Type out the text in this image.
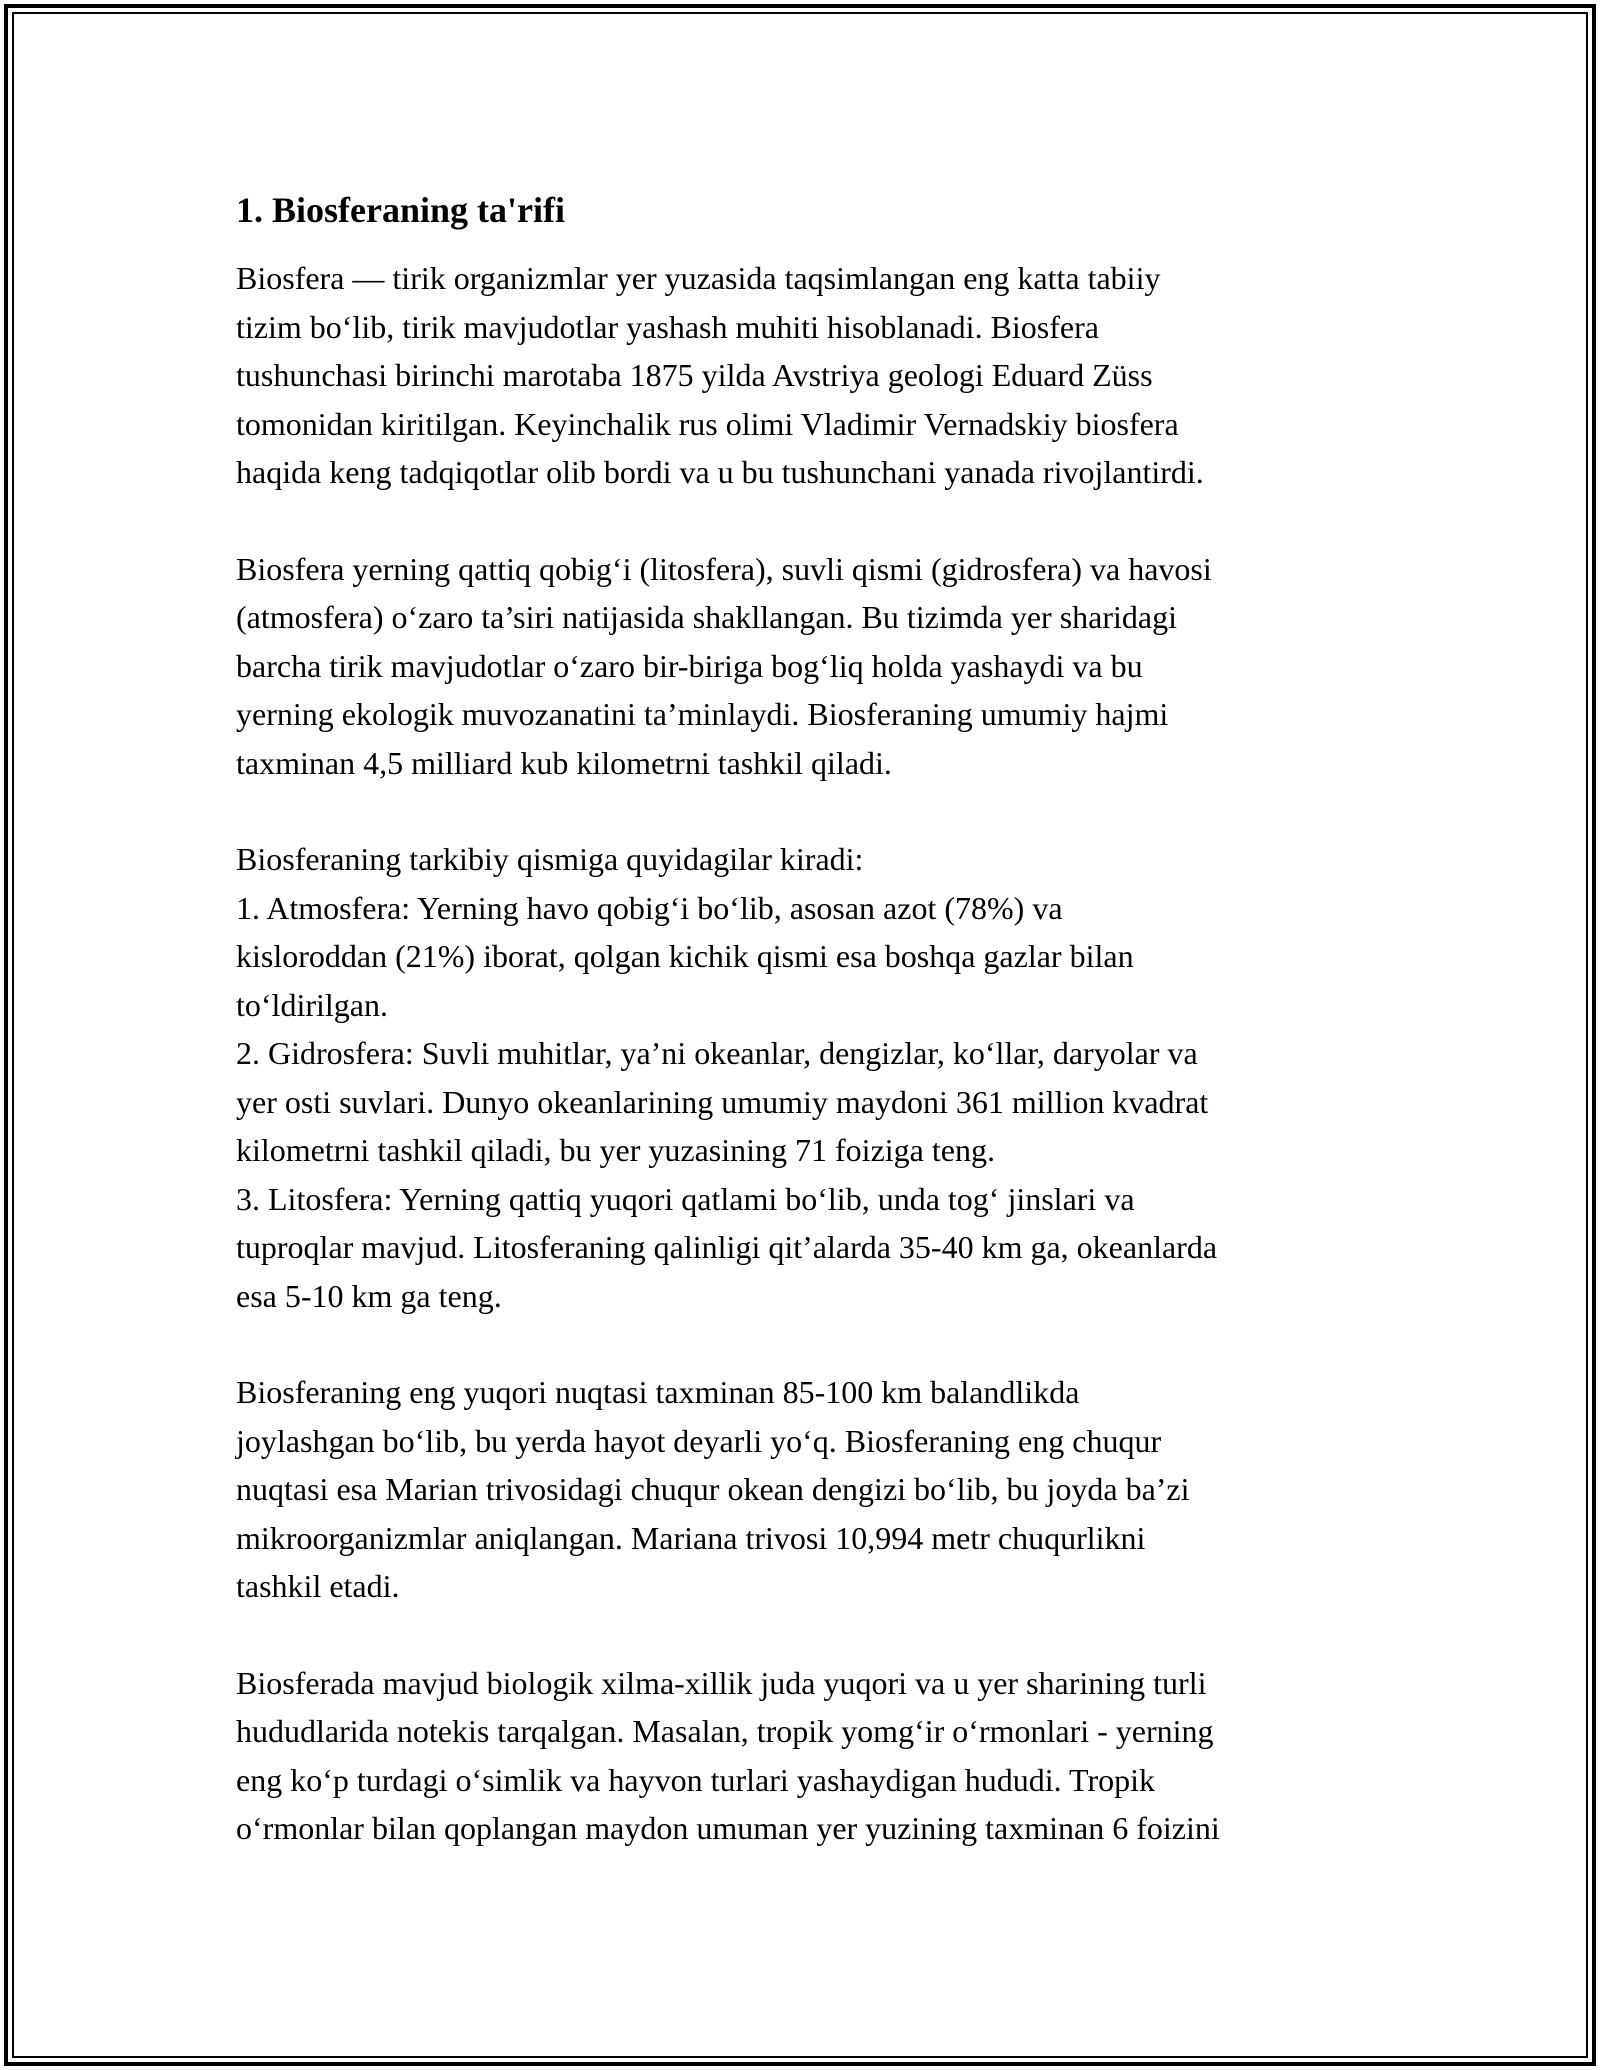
1. Biosferaning ta'rifi
Biosfera — tirik organizmlar yer yuzasida taqsimlangan eng katta tabiiy
tizim bo‘lib, tirik mavjudotlar yashash muhiti hisoblanadi. Biosfera
tushunchasi birinchi marotaba 1875 yilda Avstriya geologi Eduard Züss
tomonidan kiritilgan. Keyinchalik rus olimi Vladimir Vernadskiy biosfera
haqida keng tadqiqotlar olib bordi va u bu tushunchani yanada rivojlantirdi.
Biosfera yerning qattiq qobig‘i (litosfera), suvli qismi (gidrosfera) va havosi
(atmosfera) o‘zaro ta’siri natijasida shakllangan. Bu tizimda yer sharidagi
barcha tirik mavjudotlar o‘zaro bir-biriga bog‘liq holda yashaydi va bu
yerning ekologik muvozanatini ta’minlaydi. Biosferaning umumiy hajmi
taxminan 4,5 milliard kub kilometrni tashkil qiladi.
Biosferaning tarkibiy qismiga quyidagilar kiradi:
1. Atmosfera: Yerning havo qobig‘i bo‘lib, asosan azot (78%) va
kisloroddan (21%) iborat, qolgan kichik qismi esa boshqa gazlar bilan
to‘ldirilgan.
2. Gidrosfera: Suvli muhitlar, ya’ni okeanlar, dengizlar, ko‘llar, daryolar va
yer osti suvlari. Dunyo okeanlarining umumiy maydoni 361 million kvadrat
kilometrni tashkil qiladi, bu yer yuzasining 71 foiziga teng.
3. Litosfera: Yerning qattiq yuqori qatlami bo‘lib, unda tog‘ jinslari va
tuproqlar mavjud. Litosferaning qalinligi qit’alarda 35-40 km ga, okeanlarda
esa 5-10 km ga teng.
Biosferaning eng yuqori nuqtasi taxminan 85-100 km balandlikda
joylashgan bo‘lib, bu yerda hayot deyarli yo‘q. Biosferaning eng chuqur
nuqtasi esa Marian trivosidagi chuqur okean dengizi bo‘lib, bu joyda ba’zi
mikroorganizmlar aniqlangan. Mariana trivosi 10,994 metr chuqurlikni
tashkil etadi.
Biosferada mavjud biologik xilma-xillik juda yuqori va u yer sharining turli
hududlarida notekis tarqalgan. Masalan, tropik yomg‘ir o‘rmonlari - yerning
eng ko‘p turdagi o‘simlik va hayvon turlari yashaydigan hududi. Tropik
o‘rmonlar bilan qoplangan maydon umuman yer yuzining taxminan 6 foizini
